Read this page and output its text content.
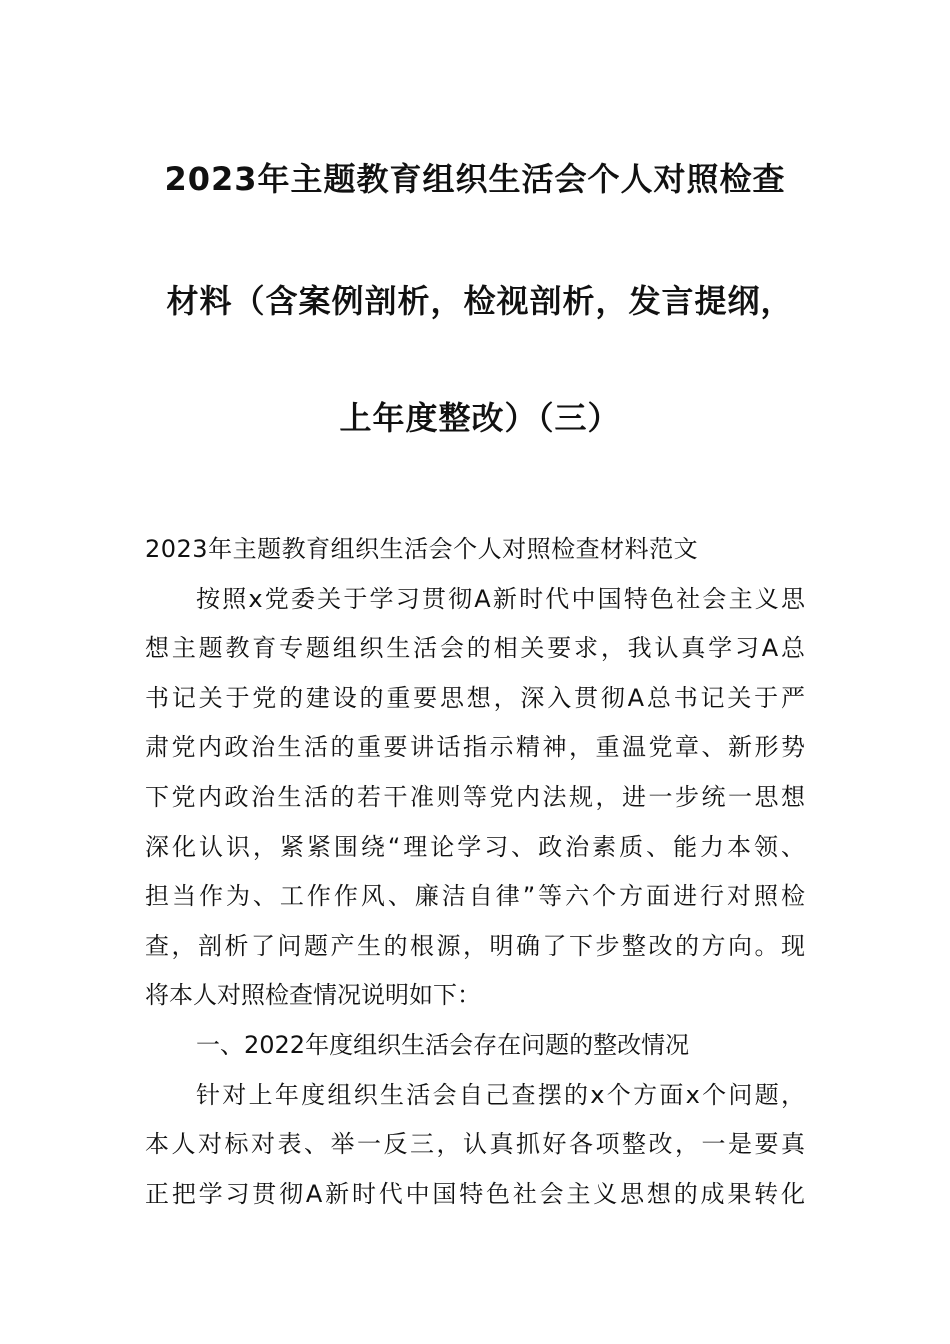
2023年主题教育组织生活会个人对照检查
材料（含案例剖析，检视剖析，发言提纲，
上年度整改）（三）
2023年主题教育组织生活会个人对照检查材料范文
按照x党委关于学习贯彻A新时代中国特色社会主义思
想主题教育专题组织生活会的相关要求，我认真学习A总
书记关于党的建设的重要思想，深入贯彻A总书记关于严
肃党内政治生活的重要讲话指示精神，重温党章、新形势
下党内政治生活的若干准则等党内法规，进一步统一思想
深化认识，紧紧围绕“理论学习、政治素质、能力本领、
担当作为、工作作风、廉洁自律”等六个方面进行对照检
查，剖析了问题产生的根源，明确了下步整改的方向。现
将本人对照检查情况说明如下：
一、2022年度组织生活会存在问题的整改情况
针对上年度组织生活会自己查摆的x个方面x个问题，
本人对标对表、举一反三，认真抓好各项整改，一是要真
正把学习贯彻A新时代中国特色社会主义思想的成果转化
